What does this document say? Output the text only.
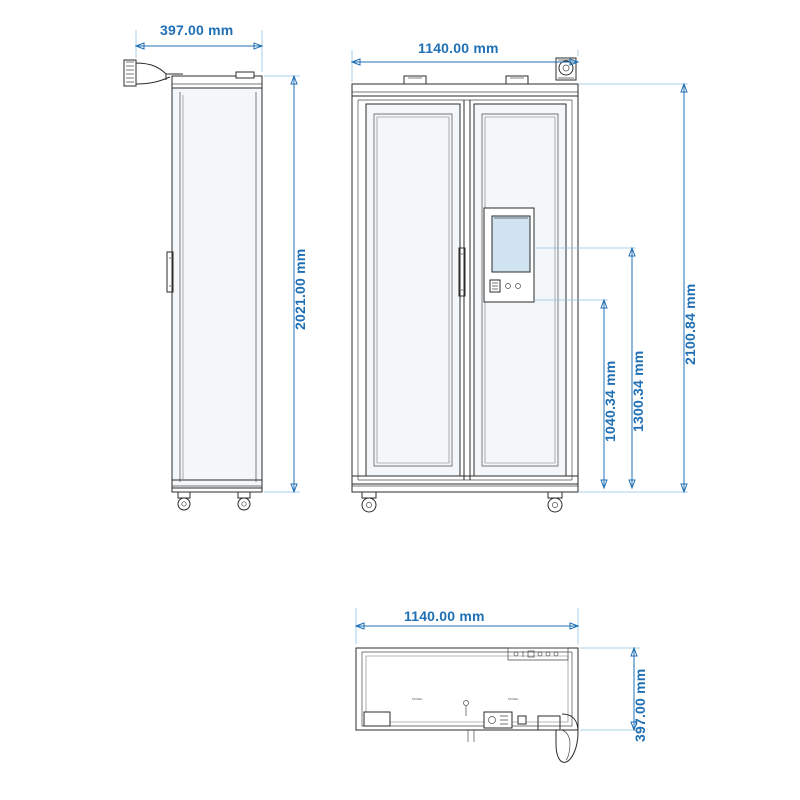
MODEL	MODEL
397.00 mm
2021.00 mm
1140.00 mm
2100.84 mm
1040.34 mm 1300.34 mm
1140.00 mm
397.00 mm
